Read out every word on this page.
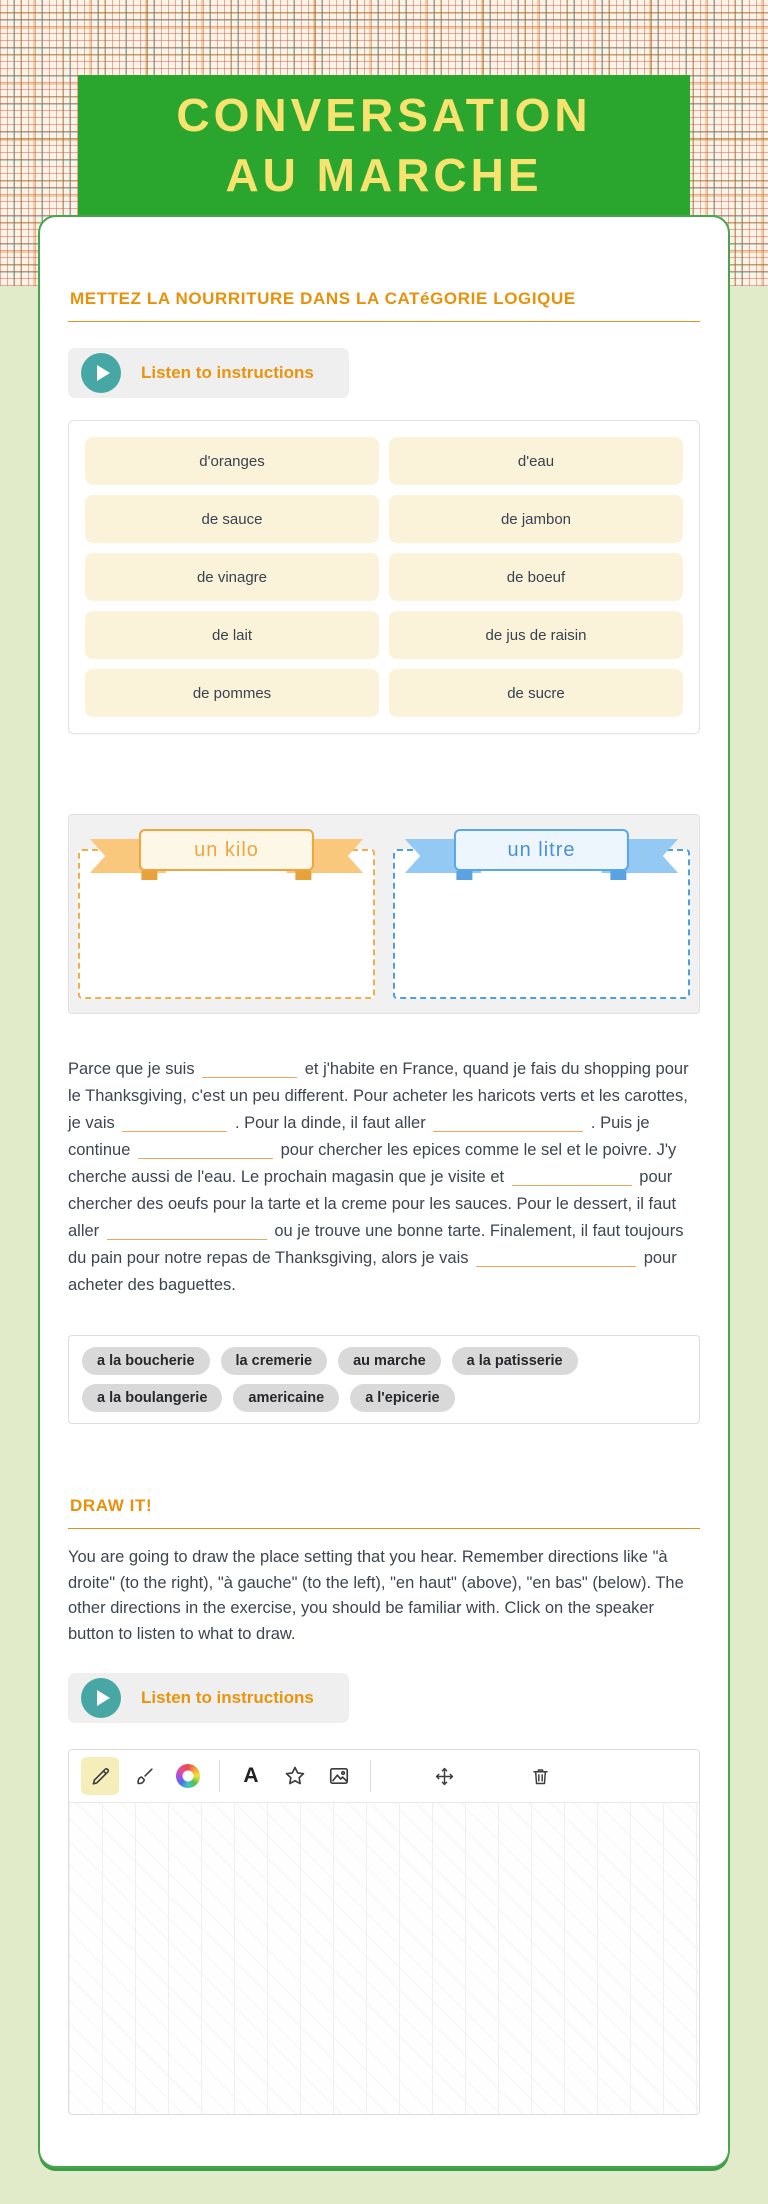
CONVERSATION AU MARCHE
METTEZ LA NOURRITURE DANS LA CATéGORIE LOGIQUE
Listen to instructions
d'oranges	d'eau
de sauce	de jambon
de vinagre	de boeuf
de lait	de jus de raisin
de pommes	de sucre
un kilo	un litre

Parce que je suis	et j'habite en France, quand je fais du shopping pour le Thanksgiving, c'est un peu different. Pour acheter les haricots verts et les carottes, je vais	. Pour la dinde, il faut aller	. Puis je continue	pour chercher les epices comme le sel et le poivre. J'y cherche aussi de l'eau. Le prochain magasin que je visite et	pour chercher des oeufs pour la tarte et la creme pour les sauces. Pour le dessert, il faut aller	ou je trouve une bonne tarte. Finalement, il faut toujours du pain pour notre repas de Thanksgiving, alors je vais	pour acheter des baguettes.

a la boucherie	la cremerie	au marche	a la patisserie
a la boulangerie	americaine	a l'epicerie
DRAW IT!

You are going to draw the place setting that you hear. Remember directions like "à droite" (to the right), "à gauche" (to the left), "en haut" (above), "en bas" (below). The other directions in the exercise, you should be familiar with. Click on the speaker button to listen to what to draw.

Listen to instructions
A
